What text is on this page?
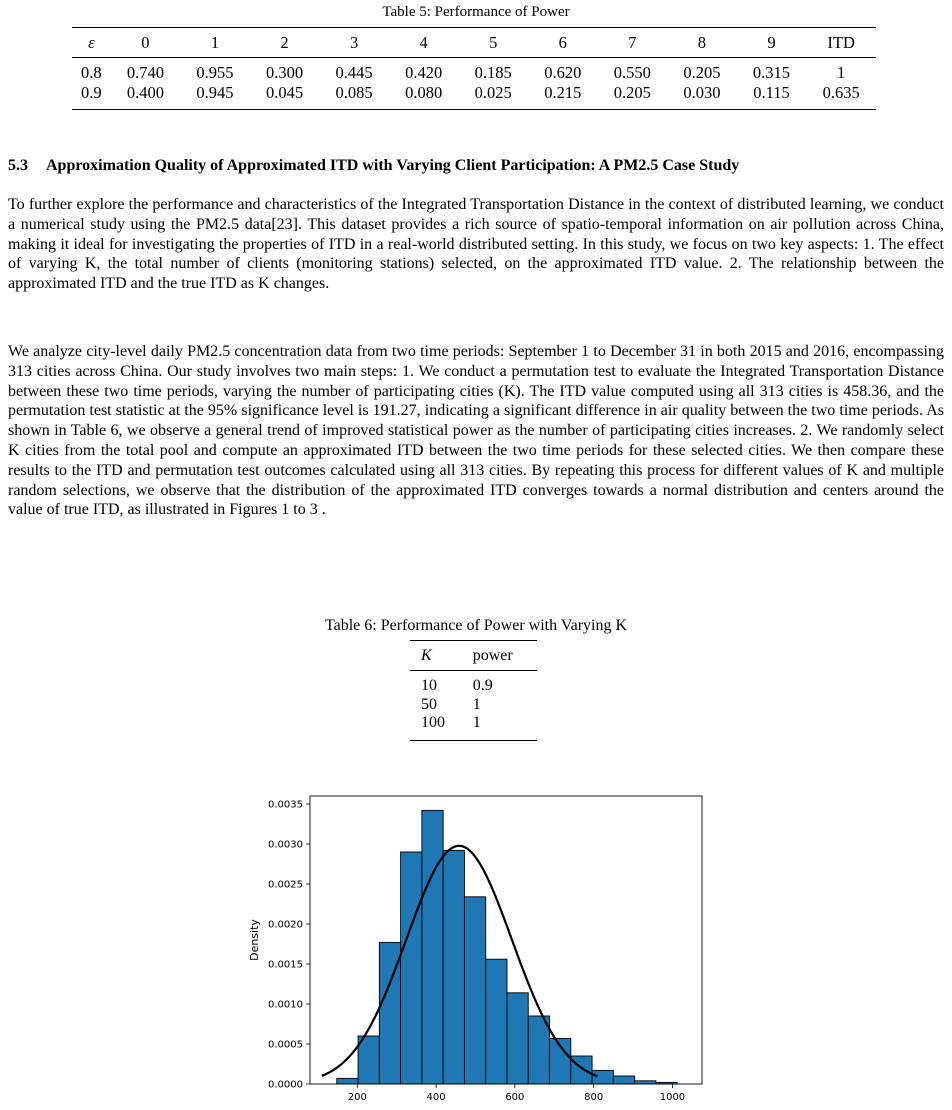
Table 5: Performance of Power
ε	0	1	2	3	4	5	6	7	8	9	ITD
0.8	0.740	0.955	0.300	0.445	0.420	0.185	0.620	0.550	0.205	0.315	1
0.9	0.400	0.945	0.045	0.085	0.080	0.025	0.215	0.205	0.030	0.115	0.635
5.3 Approximation Quality of Approximated ITD with Varying Client Participation: A PM2.5 Case Study

To further explore the performance and characteristics of the Integrated Transportation Distance in the context of distributed learning, we conduct a numerical study using the PM2.5 data[23]. This dataset provides a rich source of spatio-temporal information on air pollution across China, making it ideal for investigating the properties of ITD in a real-world distributed setting. In this study, we focus on two key aspects: 1. The effect of varying K, the total number of clients (monitoring stations) selected, on the approximated ITD value. 2. The relationship between the approximated ITD and the true ITD as K changes.

We analyze city-level daily PM2.5 concentration data from two time periods: September 1 to December 31 in both 2015 and 2016, encompassing 313 cities across China. Our study involves two main steps: 1. We conduct a permutation test to evaluate the Integrated Transportation Distance between these two time periods, varying the number of participating cities (K). The ITD value computed using all 313 cities is 458.36, and the permutation test statistic at the 95% significance level is 191.27, indicating a significant difference in air quality between the two time periods. As shown in Table 6, we observe a general trend of improved statistical power as the number of participating cities increases. 2. We randomly select K cities from the total pool and compute an approximated ITD between the two time periods for these selected cities. We then compare these results to the ITD and permutation test outcomes calculated using all 313 cities. By repeating this process for different values of K and multiple random selections, we observe that the distribution of the approximated ITD converges towards a normal distribution and centers around the value of true ITD, as illustrated in Figures 1 to 3 .

Table 6: Performance of Power with Varying K
K	power
10	0.9
50	1
100	1
200	400	600	800	1000
0.0000
0.0005
0.0010
0.0015
0.0020
0.0025
0.0030
0.0035
Density
